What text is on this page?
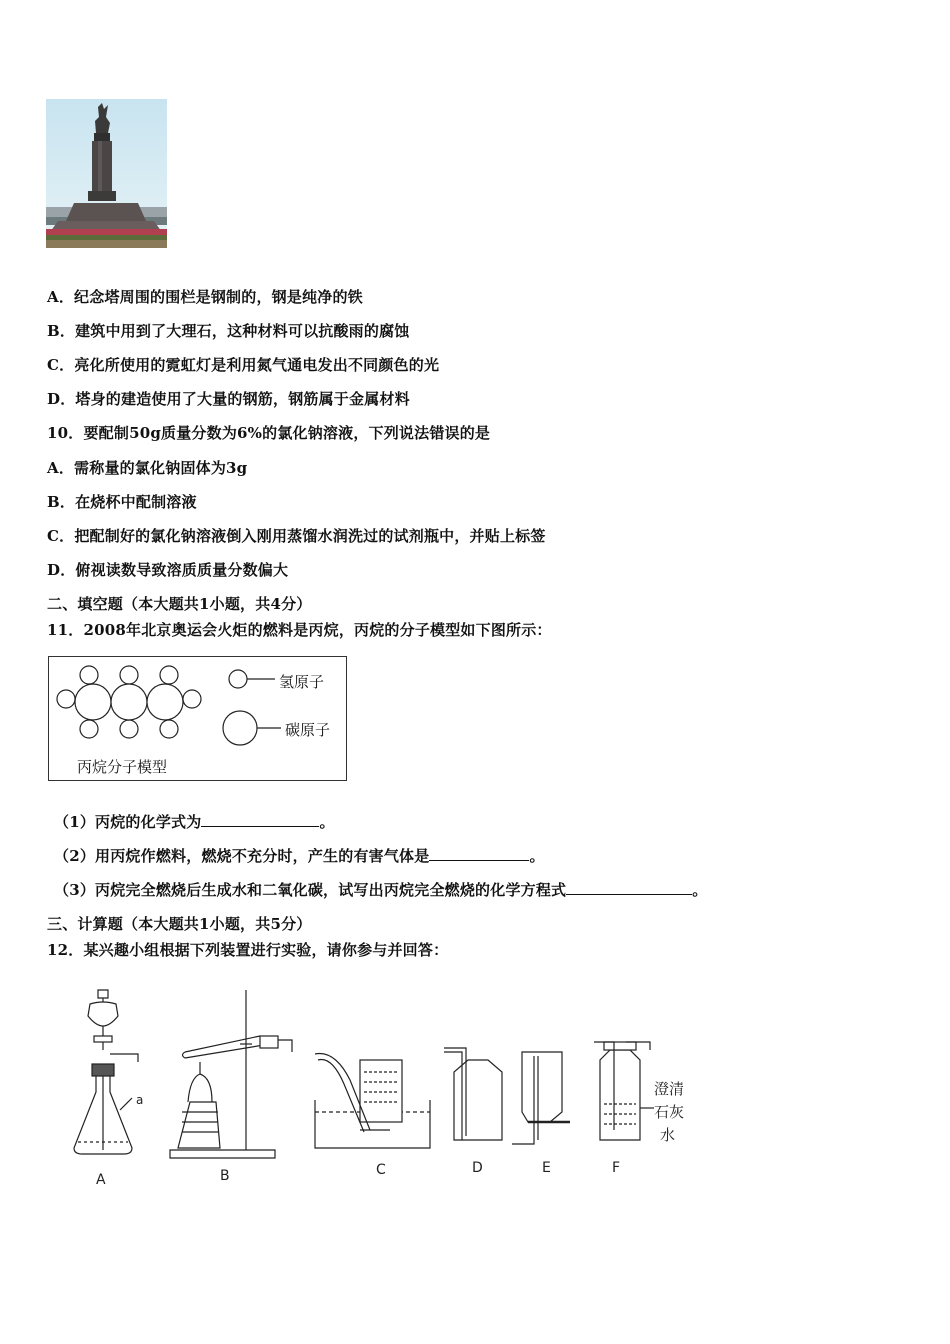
A．纪念塔周围的围栏是钢制的，钢是纯净的铁
B．建筑中用到了大理石，这种材料可以抗酸雨的腐蚀
C．亮化所使用的霓虹灯是利用氮气通电发出不同颜色的光
D．塔身的建造使用了大量的钢筋，钢筋属于金属材料
10．要配制50g质量分数为6%的氯化钠溶液，下列说法错误的是
A．需称量的氯化钠固体为3g
B．在烧杯中配制溶液
C．把配制好的氯化钠溶液倒入刚用蒸馏水润洗过的试剂瓶中，并贴上标签
D．俯视读数导致溶质质量分数偏大
二、填空题（本大题共1小题，共4分）
11．2008年北京奥运会火炬的燃料是丙烷，丙烷的分子模型如下图所示：
氢原子
碳原子
丙烷分子模型
（1）丙烷的化学式为	。
（2）用丙烷作燃料，燃烧不充分时，产生的有害气体是	。
（3）丙烷完全燃烧后生成水和二氧化碳，试写出丙烷完全燃烧的化学方程式	。
三、计算题（本大题共1小题，共5分）
12．某兴趣小组根据下列装置进行实验，请你参与并回答：
A	B	C	D	E	F
a
澄清
石灰
水
